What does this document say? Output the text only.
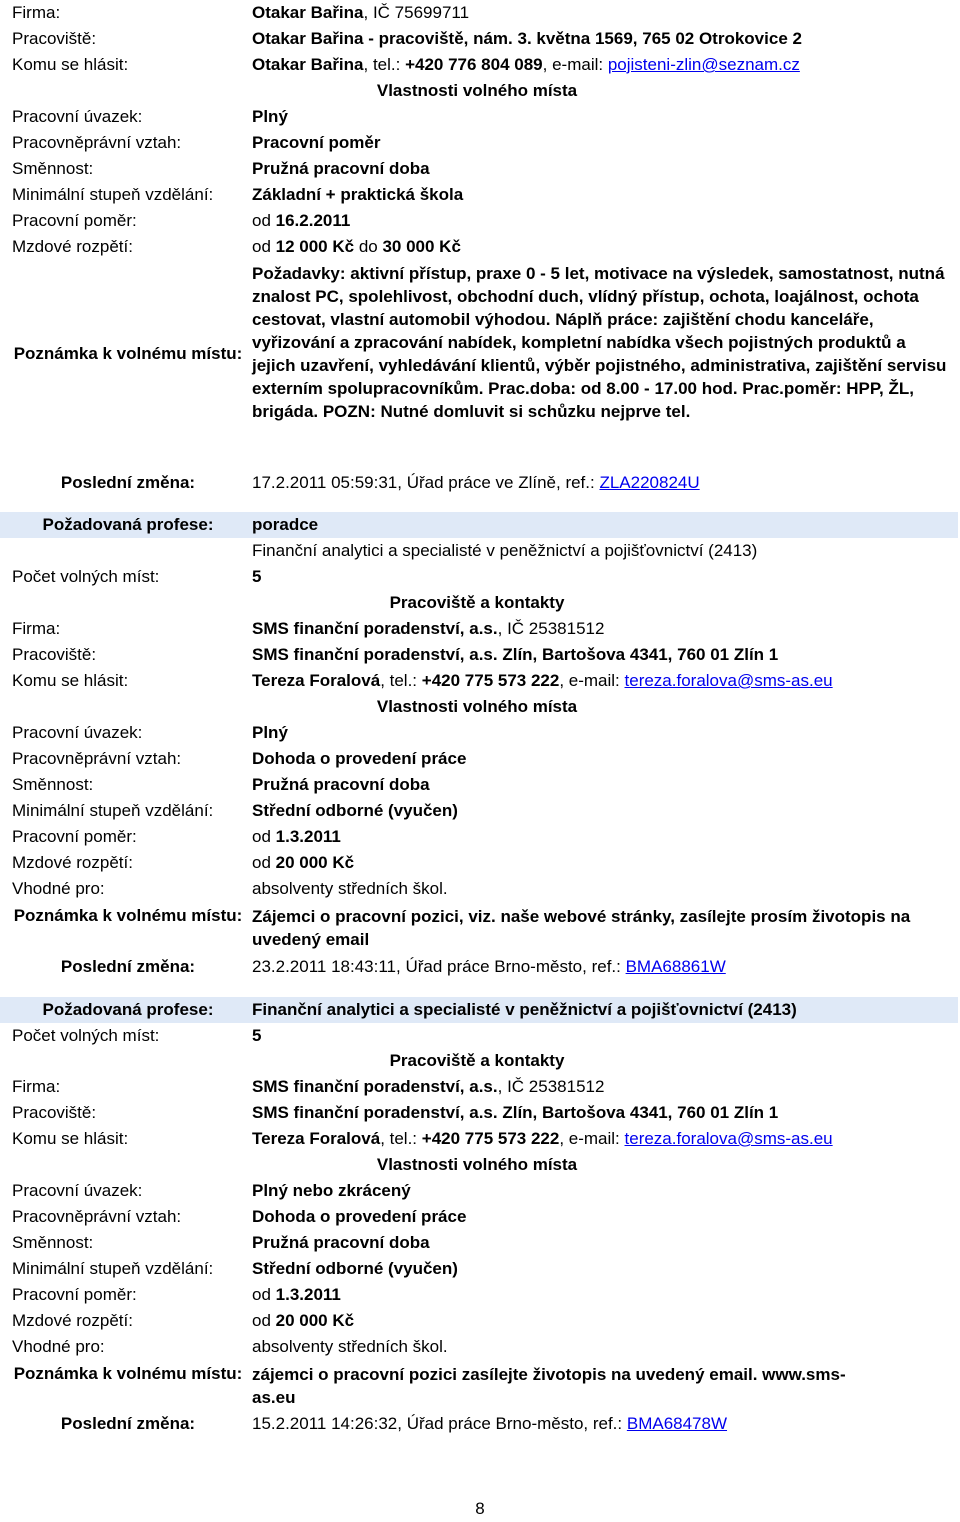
Firma:	Otakar Bařina, IČ 75699711
Pracoviště:	Otakar Bařina - pracoviště, nám. 3. května 1569, 765 02 Otrokovice 2
Komu se hlásit:	Otakar Bařina, tel.: +420 776 804 089, e-mail: pojisteni-zlin@seznam.cz
Vlastnosti volného místa
Pracovní úvazek:	Plný
Pracovněprávní vztah:	Pracovní poměr
Směnnost:	Pružná pracovní doba
Minimální stupeň vzdělání: Základní + praktická škola
Pracovní poměr:	od 16.2.2011
Mzdové rozpětí:	od 12 000 Kč do 30 000 Kč
Poznámka k volnému místu:
Požadavky: aktivní přístup, praxe 0 - 5 let, motivace na výsledek, samostatnost, nutná znalost PC, spolehlivost, obchodní duch, vlídný přístup, ochota, loajálnost, ochota cestovat, vlastní automobil výhodou. Náplň práce: zajištění chodu kanceláře, vyřizování a zpracování nabídek, kompletní nabídka všech pojistných produktů a jejich uzavření, vyhledávání klientů, výběr pojistného, administrativa, zajištění servisu externím spolupracovníkům. Prac.doba: od 8.00 - 17.00 hod. Prac.poměr: HPP, ŽL, brigáda. POZN: Nutné domluvit si schůzku nejprve tel.
Poslední změna:	17.2.2011 05:59:31, Úřad práce ve Zlíně, ref.: ZLA220824U
Požadovaná profese:	poradce
Finanční analytici a specialisté v peněžnictví a pojišťovnictví (2413)
Počet volných míst:	5
Pracoviště a kontakty
Firma:	SMS finanční poradenství, a.s., IČ 25381512
Pracoviště:	SMS finanční poradenství, a.s. Zlín, Bartošova 4341, 760 01 Zlín 1
Komu se hlásit:	Tereza Foralová, tel.: +420 775 573 222, e-mail: tereza.foralova@sms-as.eu
Vlastnosti volného místa
Pracovní úvazek:	Plný
Pracovněprávní vztah:	Dohoda o provedení práce
Směnnost:	Pružná pracovní doba
Minimální stupeň vzdělání: Střední odborné (vyučen)
Pracovní poměr:	od 1.3.2011
Mzdové rozpětí:	od 20 000 Kč
Vhodné pro:	absolventy středních škol.
Poznámka k volnému místu: Zájemci o pracovní pozici, viz. naše webové stránky, zasílejte prosím životopis na uvedený email
Poslední změna:	23.2.2011 18:43:11, Úřad práce Brno-město, ref.: BMA68861W
Požadovaná profese:	Finanční analytici a specialisté v peněžnictví a pojišťovnictví (2413)
Počet volných míst:	5
Pracoviště a kontakty
Firma:	SMS finanční poradenství, a.s., IČ 25381512
Pracoviště:	SMS finanční poradenství, a.s. Zlín, Bartošova 4341, 760 01 Zlín 1
Komu se hlásit:	Tereza Foralová, tel.: +420 775 573 222, e-mail: tereza.foralova@sms-as.eu
Vlastnosti volného místa
Pracovní úvazek:	Plný nebo zkrácený
Pracovněprávní vztah:	Dohoda o provedení práce
Směnnost:	Pružná pracovní doba
Minimální stupeň vzdělání: Střední odborné (vyučen)
Pracovní poměr:	od 1.3.2011
Mzdové rozpětí:	od 20 000 Kč
Vhodné pro:	absolventy středních škol.
Poznámka k volnému místu: zájemci o pracovní pozici zasílejte životopis na uvedený email. www.sms-as.eu
Poslední změna:	15.2.2011 14:26:32, Úřad práce Brno-město, ref.: BMA68478W
8
